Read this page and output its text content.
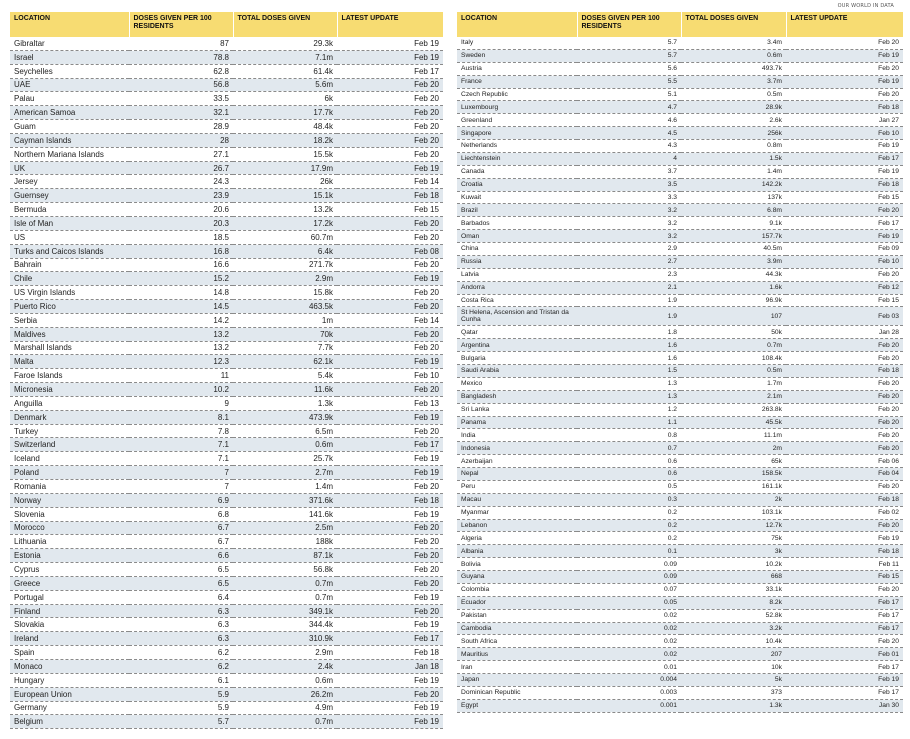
OUR WORLD IN DATA
LOCATION	DOSES GIVEN PER 100 RESIDENTS	TOTAL DOSES GIVEN	LATEST UPDATE
Gibraltar	87	29.3k	Feb 19
Israel	78.8	7.1m	Feb 19
Seychelles	62.8	61.4k	Feb 17
UAE	56.8	5.6m	Feb 20
Palau	33.5	6k	Feb 20
American Samoa	32.1	17.7k	Feb 20
Guam	28.9	48.4k	Feb 20
Cayman Islands	28	18.2k	Feb 20
Northern Mariana Islands	27.1	15.5k	Feb 20
UK	26.7	17.9m	Feb 19
Jersey	24.3	26k	Feb 14
Guernsey	23.9	15.1k	Feb 18
Bermuda	20.6	13.2k	Feb 15
Isle of Man	20.3	17.2k	Feb 20
US	18.5	60.7m	Feb 20
Turks and Caicos Islands	16.8	6.4k	Feb 08
Bahrain	16.6	271.7k	Feb 20
Chile	15.2	2.9m	Feb 19
US Virgin Islands	14.8	15.8k	Feb 20
Puerto Rico	14.5	463.5k	Feb 20
Serbia	14.2	1m	Feb 14
Maldives	13.2	70k	Feb 20
Marshall Islands	13.2	7.7k	Feb 20
Malta	12.3	62.1k	Feb 19
Faroe Islands	11	5.4k	Feb 10
Micronesia	10.2	11.6k	Feb 20
Anguilla	9	1.3k	Feb 13
Denmark	8.1	473.9k	Feb 19
Turkey	7.8	6.5m	Feb 20
Switzerland	7.1	0.6m	Feb 17
Iceland	7.1	25.7k	Feb 19
Poland	7	2.7m	Feb 19
Romania	7	1.4m	Feb 20
Norway	6.9	371.6k	Feb 18
Slovenia	6.8	141.6k	Feb 19
Morocco	6.7	2.5m	Feb 20
Lithuania	6.7	188k	Feb 20
Estonia	6.6	87.1k	Feb 20
Cyprus	6.5	56.8k	Feb 20
Greece	6.5	0.7m	Feb 20
Portugal	6.4	0.7m	Feb 19
Finland	6.3	349.1k	Feb 20
Slovakia	6.3	344.4k	Feb 19
Ireland	6.3	310.9k	Feb 17
Spain	6.2	2.9m	Feb 18
Monaco	6.2	2.4k	Jan 18
Hungary	6.1	0.6m	Feb 19
European Union	5.9	26.2m	Feb 20
Germany	5.9	4.9m	Feb 19
Belgium	5.7	0.7m	Feb 19
LOCATION	DOSES GIVEN PER 100 RESIDENTS	TOTAL DOSES GIVEN	LATEST UPDATE
Italy	5.7	3.4m	Feb 20
Sweden	5.7	0.6m	Feb 19
Austria	5.6	493.7k	Feb 20
France	5.5	3.7m	Feb 19
Czech Republic	5.1	0.5m	Feb 20
Luxembourg	4.7	28.9k	Feb 18
Greenland	4.6	2.6k	Jan 27
Singapore	4.5	256k	Feb 10
Netherlands	4.3	0.8m	Feb 19
Liechtenstein	4	1.5k	Feb 17
Canada	3.7	1.4m	Feb 19
Croatia	3.5	142.2k	Feb 18
Kuwait	3.3	137k	Feb 15
Brazil	3.2	6.8m	Feb 20
Barbados	3.2	9.1k	Feb 17
Oman	3.2	157.7k	Feb 19
China	2.9	40.5m	Feb 09
Russia	2.7	3.9m	Feb 10
Latvia	2.3	44.3k	Feb 20
Andorra	2.1	1.6k	Feb 12
Costa Rica	1.9	96.9k	Feb 15
St Helena, Ascension and Tristan da Cunha	1.9	107	Feb 03
Qatar	1.8	50k	Jan 28
Argentina	1.6	0.7m	Feb 20
Bulgaria	1.6	108.4k	Feb 20
Saudi Arabia	1.5	0.5m	Feb 18
Mexico	1.3	1.7m	Feb 20
Bangladesh	1.3	2.1m	Feb 20
Sri Lanka	1.2	263.8k	Feb 20
Panama	1.1	45.5k	Feb 20
India	0.8	11.1m	Feb 20
Indonesia	0.7	2m	Feb 20
Azerbaijan	0.6	65k	Feb 06
Nepal	0.6	158.5k	Feb 04
Peru	0.5	161.1k	Feb 20
Macau	0.3	2k	Feb 18
Myanmar	0.2	103.1k	Feb 02
Lebanon	0.2	12.7k	Feb 20
Algeria	0.2	75k	Feb 19
Albania	0.1	3k	Feb 18
Bolivia	0.09	10.2k	Feb 11
Guyana	0.09	668	Feb 15
Colombia	0.07	33.1k	Feb 20
Ecuador	0.05	8.2k	Feb 17
Pakistan	0.02	52.8k	Feb 17
Cambodia	0.02	3.2k	Feb 17
South Africa	0.02	10.4k	Feb 20
Mauritius	0.02	207	Feb 01
Iran	0.01	10k	Feb 17
Japan	0.004	5k	Feb 19
Dominican Republic	0.003	373	Feb 17
Egypt	0.001	1.3k	Jan 30
